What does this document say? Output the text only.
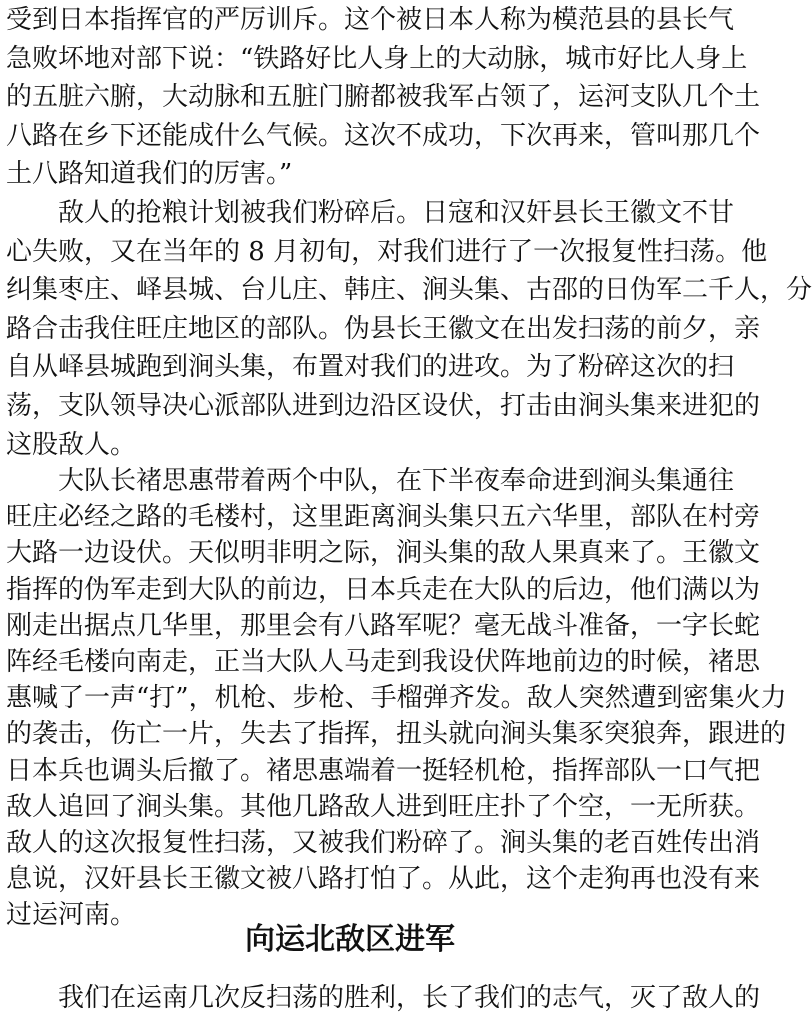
受到日本指挥官的严厉训斥。这个被日本人称为模范县的县长气
急败坏地对部下说：“铁路好比人身上的大动脉，城市好比人身上
的五脏六腑，大动脉和五脏门腑都被我军占领了，运河支队几个土
八路在乡下还能成什么气候。这次不成功，下次再来，管叫那几个
土八路知道我们的厉害。”
敌人的抢粮计划被我们粉碎后。日寇和汉奸县长王徽文不甘
心失败，又在当年的 8 月初旬，对我们进行了一次报复性扫荡。他
纠集枣庄、峄县城、台儿庄、韩庄、涧头集、古邵的日伪军二千人，分
路合击我住旺庄地区的部队。伪县长王徽文在出发扫荡的前夕，亲
自从峄县城跑到涧头集，布置对我们的进攻。为了粉碎这次的扫
荡，支队领导决心派部队进到边沿区设伏，打击由涧头集来进犯的
这股敌人。
大队长褚思惠带着两个中队，在下半夜奉命进到涧头集通往
旺庄必经之路的毛楼村，这里距离涧头集只五六华里，部队在村旁
大路一边设伏。天似明非明之际，涧头集的敌人果真来了。王徽文
指挥的伪军走到大队的前边，日本兵走在大队的后边，他们满以为
刚走出据点几华里，那里会有八路军呢？毫无战斗准备，一字长蛇
阵经毛楼向南走，正当大队人马走到我设伏阵地前边的时候，褚思
惠喊了一声“打”，机枪、步枪、手榴弹齐发。敌人突然遭到密集火力
的袭击，伤亡一片，失去了指挥，扭头就向涧头集豕突狼奔，跟进的
日本兵也调头后撤了。褚思惠端着一挺轻机枪，指挥部队一口气把
敌人追回了涧头集。其他几路敌人进到旺庄扑了个空，一无所获。
敌人的这次报复性扫荡，又被我们粉碎了。涧头集的老百姓传出消
息说，汉奸县长王徽文被八路打怕了。从此，这个走狗再也没有来
过运河南。
向运北敌区进军
我们在运南几次反扫荡的胜利，长了我们的志气，灭了敌人的
